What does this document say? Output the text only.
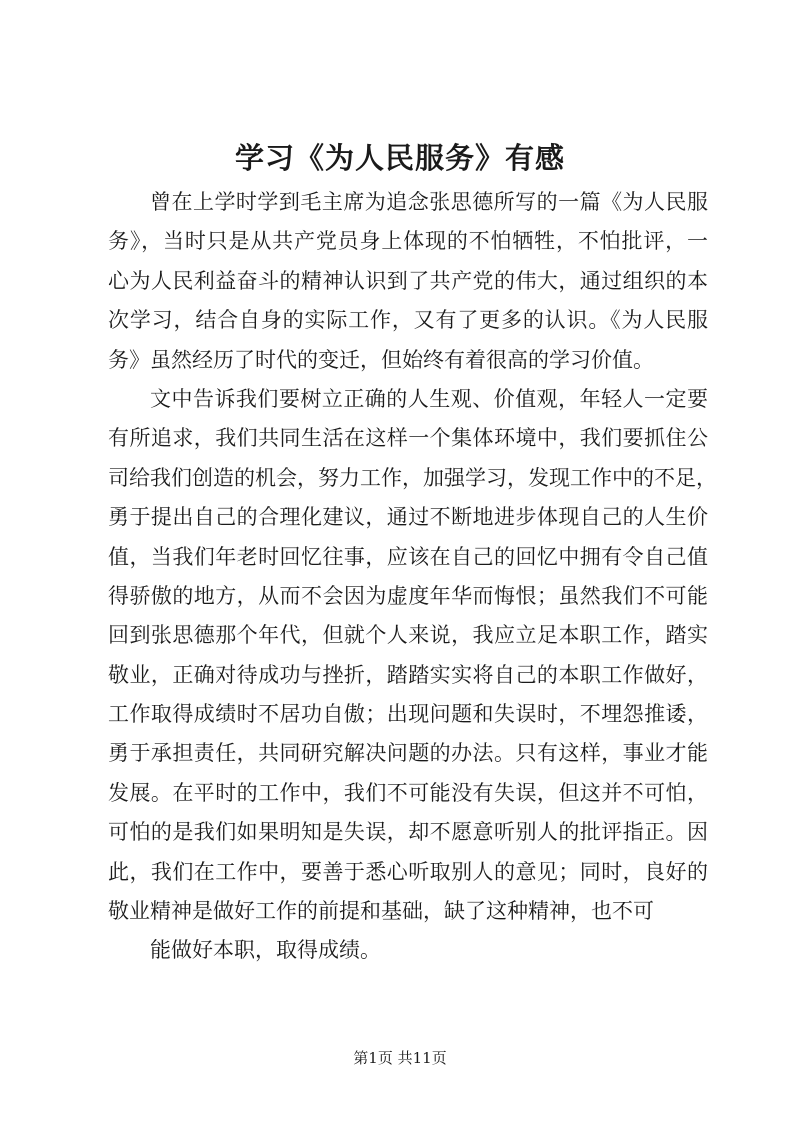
学习《为人民服务》有感
曾在上学时学到毛主席为追念张思德所写的一篇《为人民服
务》，当时只是从共产党员身上体现的不怕牺牲，不怕批评，一
心为人民利益奋斗的精神认识到了共产党的伟大，通过组织的本
次学习，结合自身的实际工作，又有了更多的认识。《为人民服
务》虽然经历了时代的变迁，但始终有着很高的学习价值。
文中告诉我们要树立正确的人生观、价值观，年轻人一定要
有所追求，我们共同生活在这样一个集体环境中，我们要抓住公
司给我们创造的机会，努力工作，加强学习，发现工作中的不足，
勇于提出自己的合理化建议，通过不断地进步体现自己的人生价
值，当我们年老时回忆往事，应该在自己的回忆中拥有令自己值
得骄傲的地方，从而不会因为虚度年华而悔恨；虽然我们不可能
回到张思德那个年代，但就个人来说，我应立足本职工作，踏实
敬业，正确对待成功与挫折，踏踏实实将自己的本职工作做好，
工作取得成绩时不居功自傲；出现问题和失误时，不埋怨推诿，
勇于承担责任，共同研究解决问题的办法。只有这样，事业才能
发展。在平时的工作中，我们不可能没有失误，但这并不可怕，
可怕的是我们如果明知是失误，却不愿意听别人的批评指正。因
此，我们在工作中，要善于悉心听取别人的意见；同时，良好的
敬业精神是做好工作的前提和基础，缺了这种精神，也不可
能做好本职，取得成绩。
第1页 共11页
